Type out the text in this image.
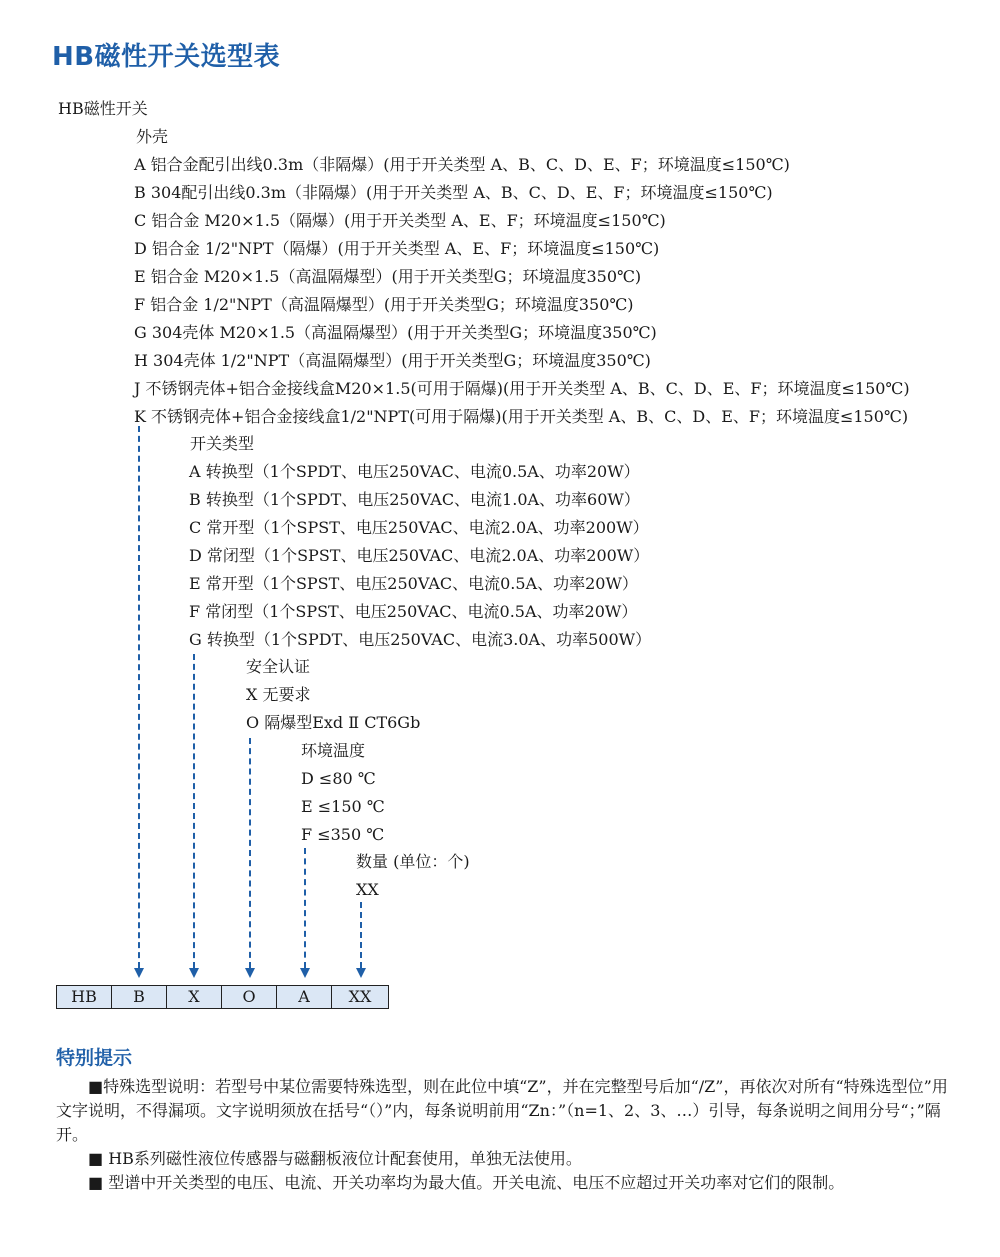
HB磁性开关选型表
HB磁性开关
外壳
A 铝合金配引出线0.3m（非隔爆）(用于开关类型 A、B、C、D、E、F；环境温度≤150℃)
B 304配引出线0.3m（非隔爆）(用于开关类型 A、B、C、D、E、F；环境温度≤150℃)
C 铝合金 M20×1.5（隔爆）(用于开关类型 A、E、F；环境温度≤150℃)
D 铝合金 1/2"NPT（隔爆）(用于开关类型 A、E、F；环境温度≤150℃)
E 铝合金 M20×1.5（高温隔爆型）(用于开关类型G；环境温度350℃)
F 铝合金 1/2"NPT（高温隔爆型）(用于开关类型G；环境温度350℃)
G 304壳体 M20×1.5（高温隔爆型）(用于开关类型G；环境温度350℃)
H 304壳体 1/2"NPT（高温隔爆型）(用于开关类型G；环境温度350℃)
J 不锈钢壳体+铝合金接线盒M20×1.5(可用于隔爆)(用于开关类型 A、B、C、D、E、F；环境温度≤150℃)
K 不锈钢壳体+铝合金接线盒1/2"NPT(可用于隔爆)(用于开关类型 A、B、C、D、E、F；环境温度≤150℃)
开关类型
A 转换型（1个SPDT、电压250VAC、电流0.5A、功率20W）
B 转换型（1个SPDT、电压250VAC、电流1.0A、功率60W）
C 常开型（1个SPST、电压250VAC、电流2.0A、功率200W）
D 常闭型（1个SPST、电压250VAC、电流2.0A、功率200W）
E 常开型（1个SPST、电压250VAC、电流0.5A、功率20W）
F 常闭型（1个SPST、电压250VAC、电流0.5A、功率20W）
G 转换型（1个SPDT、电压250VAC、电流3.0A、功率500W）
安全认证
X 无要求
O 隔爆型Exd Ⅱ CT6Gb
环境温度
D ≤80 ℃
E ≤150 ℃
F ≤350 ℃
数量 (单位：个)
XX
HB	B	X	O	A	XX
特别提示
■特殊选型说明：若型号中某位需要特殊选型，则在此位中填“Z”，并在完整型号后加“/Z”，再依次对所有“特殊选型位”用文字说明，不得漏项。文字说明须放在括号“（）”内，每条说明前用“Zn：”（n=1、2、3、…）引导，每条说明之间用分号“；”隔开。
■ HB系列磁性液位传感器与磁翻板液位计配套使用，单独无法使用。
■ 型谱中开关类型的电压、电流、开关功率均为最大值。开关电流、电压不应超过开关功率对它们的限制。
